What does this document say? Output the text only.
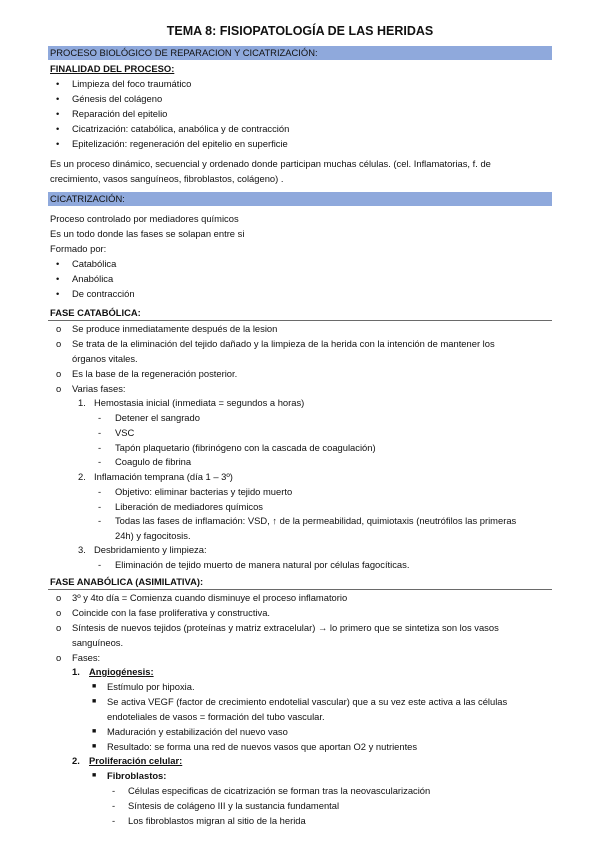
TEMA 8: FISIOPATOLOGÍA DE LAS HERIDAS
PROCESO BIOLÓGICO DE REPARACION Y CICATRIZACIÓN:
FINALIDAD DEL PROCESO:
• Limpieza del foco traumático
• Génesis del colágeno
• Reparación del epitelio
• Cicatrización: catabólica, anabólica y de contracción
• Epitelización: regeneración del epitelio en superficie
Es un proceso dinámico, secuencial y ordenado donde participan muchas células. (cel. Inflamatorias, f. de
crecimiento, vasos sanguíneos, fibroblastos, colágeno) .
CICATRIZACIÓN:
Proceso controlado por mediadores químicos
Es un todo donde las fases se solapan entre si
Formado por:
• Catabólica
• Anabólica
• De contracción
FASE CATABÓLICA:
o Se produce inmediatamente después de la lesion
o Se trata de la eliminación del tejido dañado y la limpieza de la herida con la intención de mantener los
órganos vitales.
o Es la base de la regeneración posterior.
o Varias fases:
1. Hemostasia inicial (inmediata = segundos a horas)
- Detener el sangrado
- VSC
- Tapón plaquetario (fibrinógeno con la cascada de coagulación)
- Coagulo de fibrina
2. Inflamación temprana (día 1 – 3º)
- Objetivo: eliminar bacterias y tejido muerto
- Liberación de mediadores químicos
- Todas las fases de inflamación: VSD, ↑ de la permeabilidad, quimiotaxis (neutrófilos las primeras
24h) y fagocitosis.
3. Desbridamiento y limpieza:
- Eliminación de tejido muerto de manera natural por células fagocíticas.
FASE ANABÓLICA (ASIMILATIVA):
o 3º y 4to día = Comienza cuando disminuye el proceso inflamatorio
o Coincide con la fase proliferativa y constructiva.
o Síntesis de nuevos tejidos (proteínas y matriz extracelular) → lo primero que se sintetiza son los vasos
sanguíneos.
o Fases:
1. Angiogénesis:
■ Estímulo por hipoxia.
■ Se activa VEGF (factor de crecimiento endotelial vascular) que a su vez este activa a las células
endoteliales de vasos = formación del tubo vascular.
■ Maduración y estabilización del nuevo vaso
■ Resultado: se forma una red de nuevos vasos que aportan O2 y nutrientes
2. Proliferación celular:
■ Fibroblastos:
- Células especificas de cicatrización se forman tras la neovascularización
- Síntesis de colágeno III y la sustancia fundamental
- Los fibroblastos migran al sitio de la herida
